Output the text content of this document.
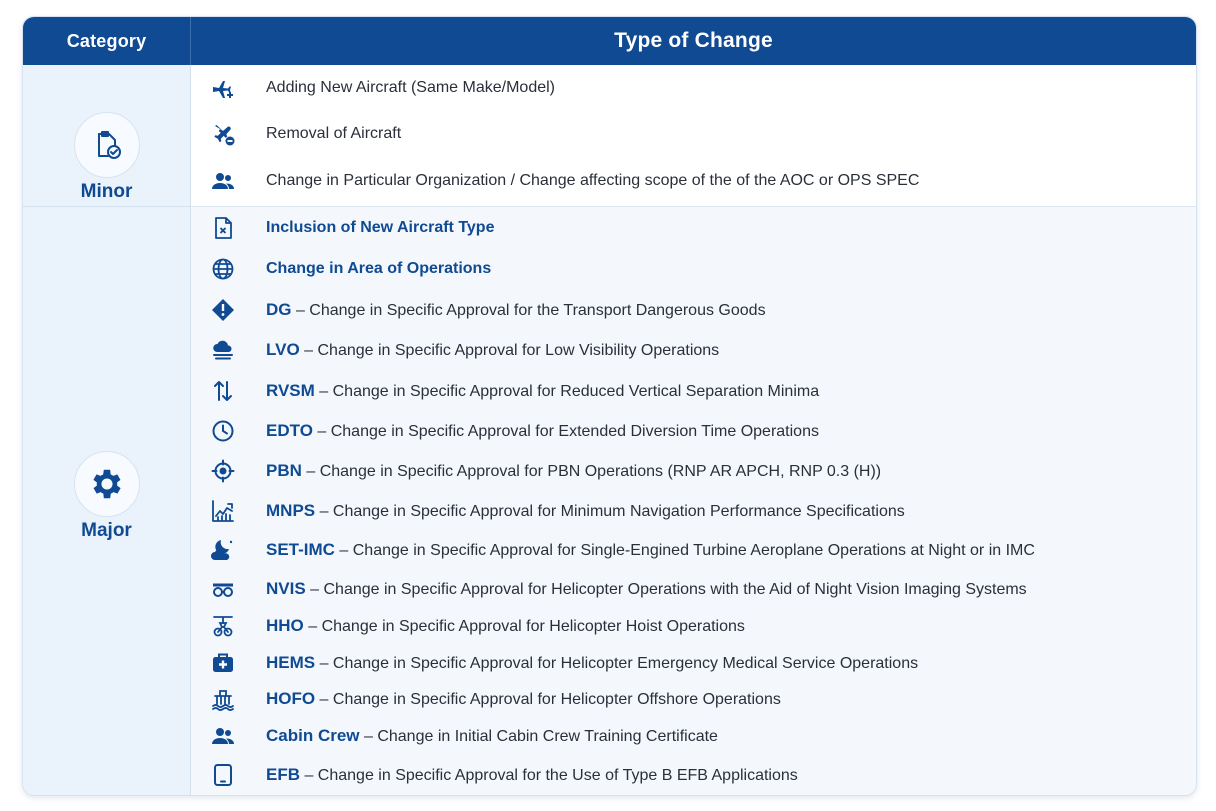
Category	Type of Change
Minor
Major
Adding New Aircraft (Same Make/Model)
Removal of Aircraft
Change in Particular Organization / Change affecting scope of the of the AOC or OPS SPEC
Inclusion of New Aircraft Type
Change in Area of Operations
DG – Change in Specific Approval for the Transport Dangerous Goods
LVO – Change in Specific Approval for Low Visibility Operations
RVSM – Change in Specific Approval for Reduced Vertical Separation Minima
EDTO – Change in Specific Approval for Extended Diversion Time Operations
PBN – Change in Specific Approval for PBN Operations (RNP AR APCH, RNP 0.3 (H))
MNPS – Change in Specific Approval for Minimum Navigation Performance Specifications
SET-IMC – Change in Specific Approval for Single-Engined Turbine Aeroplane Operations at Night or in IMC
NVIS – Change in Specific Approval for Helicopter Operations with the Aid of Night Vision Imaging Systems
HHO – Change in Specific Approval for Helicopter Hoist Operations
HEMS – Change in Specific Approval for Helicopter Emergency Medical Service Operations
HOFO – Change in Specific Approval for Helicopter Offshore Operations
Cabin Crew – Change in Initial Cabin Crew Training Certificate
EFB – Change in Specific Approval for the Use of Type B EFB Applications
